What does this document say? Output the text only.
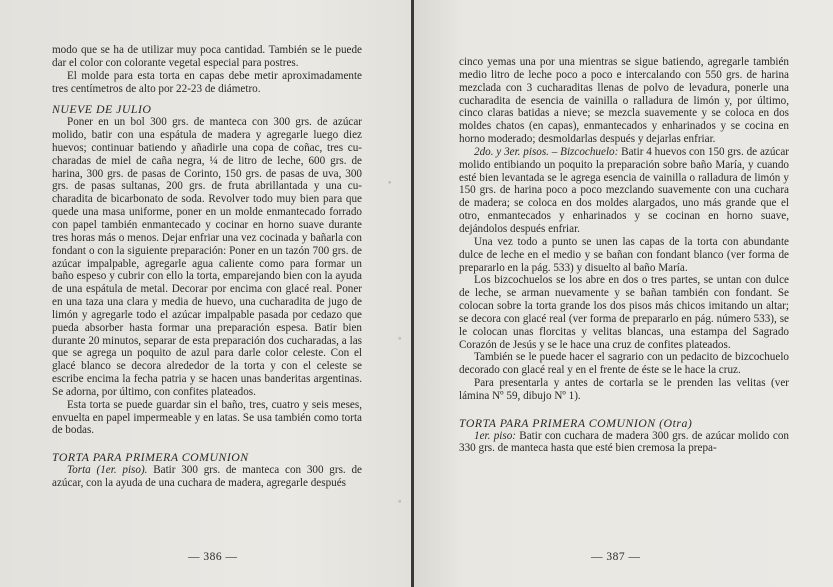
modo que se ha de utilizar muy poca cantidad. También se le puede dar el color con colorante vegetal especial para postres.

El molde para esta torta en capas debe metir aproximadamente tres centímetros de alto por 22-23 de diámetro.

NUEVE DE JULIO

Poner en un bol 300 grs. de manteca con 300 grs. de azúcar molido, batir con una espátula de madera y agregarle luego diez huevos; continuar batiendo y añadirle una copa de coñac, tres cucharadas de miel de caña negra, ¼ de litro de leche, 600 grs. de harina, 300 grs. de pasas de Corinto, 150 grs. de pasas de uva, 300 grs. de pasas sultanas, 200 grs. de fruta abrillantada y una cucharadita de bicarbonato de soda. Revolver todo muy bien para que quede una masa uniforme, poner en un molde enmantecado forrado con papel también enmantecado y cocinar en horno suave durante tres horas más o menos. Dejar enfriar una vez cocinada y bañarla con fondant o con la siguiente preparación: Poner en un tazón 700 grs. de azúcar impalpable, agregarle agua caliente como para formar un baño espeso y cubrir con ello la torta, emparejando bien con la ayuda de una espátula de metal. Decorar por encima con glacé real. Poner en una taza una clara y media de huevo, una cucharadita de jugo de limón y agregarle todo el azúcar impalpable pasada por cedazo que pueda absorber hasta formar una preparación espesa. Batir bien durante 20 minutos, separar de esta preparación dos cucharadas, a las que se agrega un poquito de azul para darle color celeste. Con el glacé blanco se decora alrededor de la torta y con el celeste se escribe encima la fecha patria y se hacen unas banderitas argentinas. Se adorna, por último, con confites plateados.

Esta torta se puede guardar sin el baño, tres, cuatro y seis meses, envuelta en papel impermeable y en latas. Se usa también como torta de bodas.

TORTA PARA PRIMERA COMUNION

Torta (1er. piso). Batir 300 grs. de manteca con 300 grs. de azúcar, con la ayuda de una cuchara de madera, agregarle después

— 386 —
◦
◦
◦

cinco yemas una por una mientras se sigue batiendo, agregarle también medio litro de leche poco a poco e intercalando con 550 grs. de harina mezclada con 3 cucharaditas llenas de polvo de levadura, ponerle una cucharadita de esencia de vainilla o ralladura de limón y, por último, cinco claras batidas a nieve; se mezcla suavemente y se coloca en dos moldes chatos (en capas), enmantecados y enharinados y se cocina en horno moderado; desmoldarlas después y dejarlas enfriar.

2do. y 3er. pisos. – Bizcochuelo: Batir 4 huevos con 150 grs. de azúcar molido entibiando un poquito la preparación sobre baño María, y cuando esté bien levantada se le agrega esencia de vainilla o ralladura de limón y 150 grs. de harina poco a poco mezclando suavemente con una cuchara de madera; se coloca en dos moldes alargados, uno más grande que el otro, enmantecados y enharinados y se cocinan en horno suave, dejándolos después enfriar.

Una vez todo a punto se unen las capas de la torta con abundante dulce de leche en el medio y se bañan con fondant blanco (ver forma de prepararlo en la pág. 533) y disuelto al baño María.

Los bizcochuelos se los abre en dos o tres partes, se untan con dulce de leche, se arman nuevamente y se bañan también con fondant. Se colocan sobre la torta grande los dos pisos más chicos imitando un altar; se decora con glacé real (ver forma de prepararlo en pág. número 533), se le colocan unas florcitas y velitas blancas, una estampa del Sagrado Corazón de Jesús y se le hace una cruz de confites plateados.

También se le puede hacer el sagrario con un pedacito de bizcochuelo decorado con glacé real y en el frente de éste se le hace la cruz.

Para presentarla y antes de cortarla se le prenden las velitas (ver lámina Nº 59, dibujo Nº 1).

TORTA PARA PRIMERA COMUNION (Otra)

1er. piso: Batir con cuchara de madera 300 grs. de azúcar molido con 330 grs. de manteca hasta que esté bien cremosa la prepa-

— 387 —
